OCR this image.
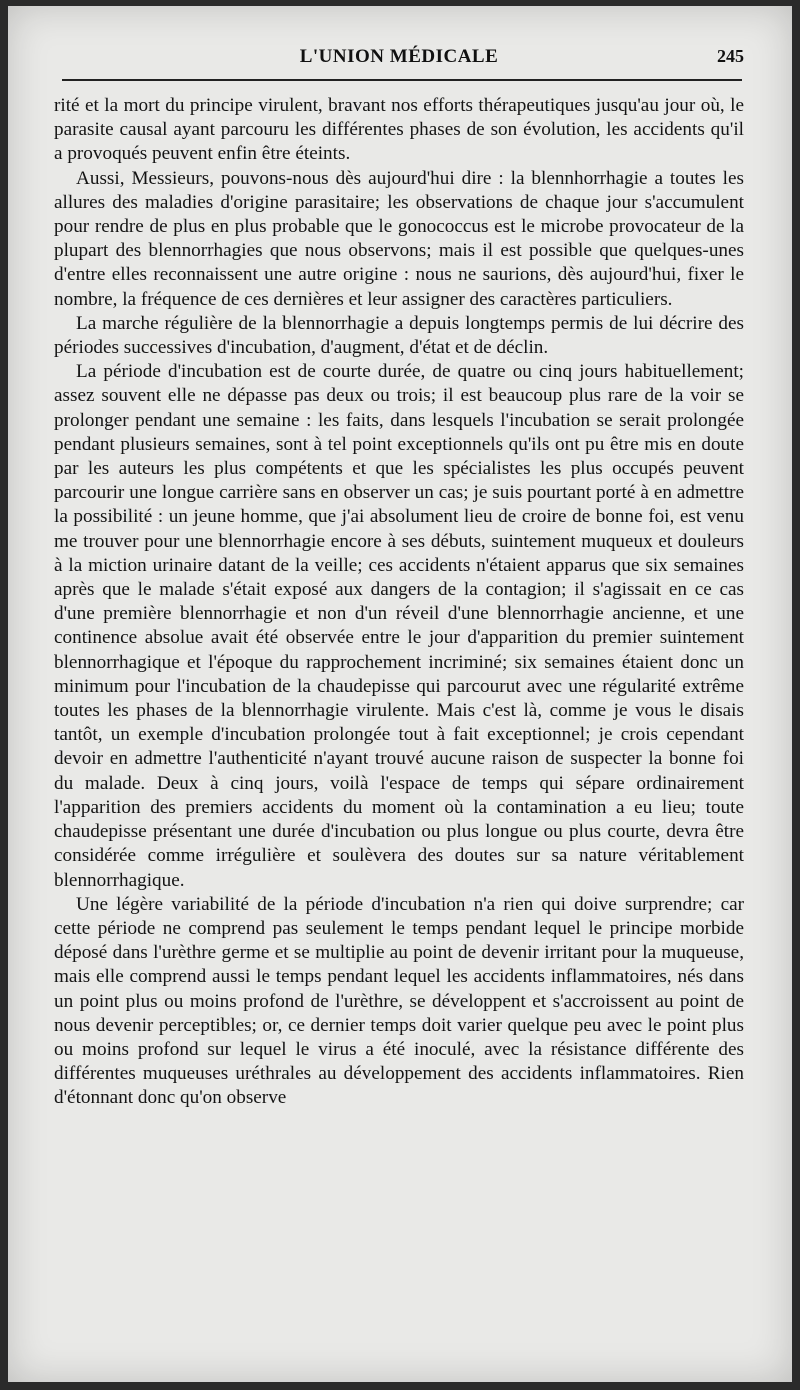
L'UNION MÉDICALE	245

rité et la mort du principe virulent, bravant nos efforts thérapeutiques jusqu'au jour où, le parasite causal ayant parcouru les différentes phases de son évolution, les accidents qu'il a provoqués peuvent enfin être éteints.

Aussi, Messieurs, pouvons-nous dès aujourd'hui dire : la blennhorrhagie a toutes les allures des maladies d'origine parasitaire; les observations de chaque jour s'accumulent pour rendre de plus en plus probable que le gonococcus est le microbe provocateur de la plupart des blennorrhagies que nous observons; mais il est possible que quelques-unes d'entre elles reconnaissent une autre origine : nous ne saurions, dès aujourd'hui, fixer le nombre, la fréquence de ces dernières et leur assigner des caractères particuliers.

La marche régulière de la blennorrhagie a depuis longtemps permis de lui décrire des périodes successives d'incubation, d'augment, d'état et de déclin.

La période d'incubation est de courte durée, de quatre ou cinq jours habituellement; assez souvent elle ne dépasse pas deux ou trois; il est beaucoup plus rare de la voir se prolonger pendant une semaine : les faits, dans lesquels l'incubation se serait prolongée pendant plusieurs semaines, sont à tel point exceptionnels qu'ils ont pu être mis en doute par les auteurs les plus compétents et que les spécialistes les plus occupés peuvent parcourir une longue carrière sans en observer un cas; je suis pourtant porté à en admettre la possibilité : un jeune homme, que j'ai absolument lieu de croire de bonne foi, est venu me trouver pour une blennorrhagie encore à ses débuts, suintement muqueux et douleurs à la miction urinaire datant de la veille; ces accidents n'étaient apparus que six semaines après que le malade s'était exposé aux dangers de la contagion; il s'agissait en ce cas d'une première blennorrhagie et non d'un réveil d'une blennorrhagie ancienne, et une continence absolue avait été observée entre le jour d'apparition du premier suintement blennorrhagique et l'époque du rapprochement incriminé; six semaines étaient donc un minimum pour l'incubation de la chaudepisse qui parcourut avec une régularité extrême toutes les phases de la blennorrhagie virulente. Mais c'est là, comme je vous le disais tantôt, un exemple d'incubation prolongée tout à fait exceptionnel; je crois cependant devoir en admettre l'authenticité n'ayant trouvé aucune raison de suspecter la bonne foi du malade. Deux à cinq jours, voilà l'espace de temps qui sépare ordinairement l'apparition des premiers accidents du moment où la contamination a eu lieu; toute chaudepisse présentant une durée d'incubation ou plus longue ou plus courte, devra être considérée comme irrégulière et soulèvera des doutes sur sa nature véritablement blennorrhagique.

Une légère variabilité de la période d'incubation n'a rien qui doive surprendre; car cette période ne comprend pas seulement le temps pendant lequel le principe morbide déposé dans l'urèthre germe et se multiplie au point de devenir irritant pour la muqueuse, mais elle comprend aussi le temps pendant lequel les accidents inflammatoires, nés dans un point plus ou moins profond de l'urèthre, se développent et s'accroissent au point de nous devenir perceptibles; or, ce dernier temps doit varier quelque peu avec le point plus ou moins profond sur lequel le virus a été inoculé, avec la résistance différente des différentes muqueuses uréthrales au développement des accidents inflammatoires. Rien d'étonnant donc qu'on observe
